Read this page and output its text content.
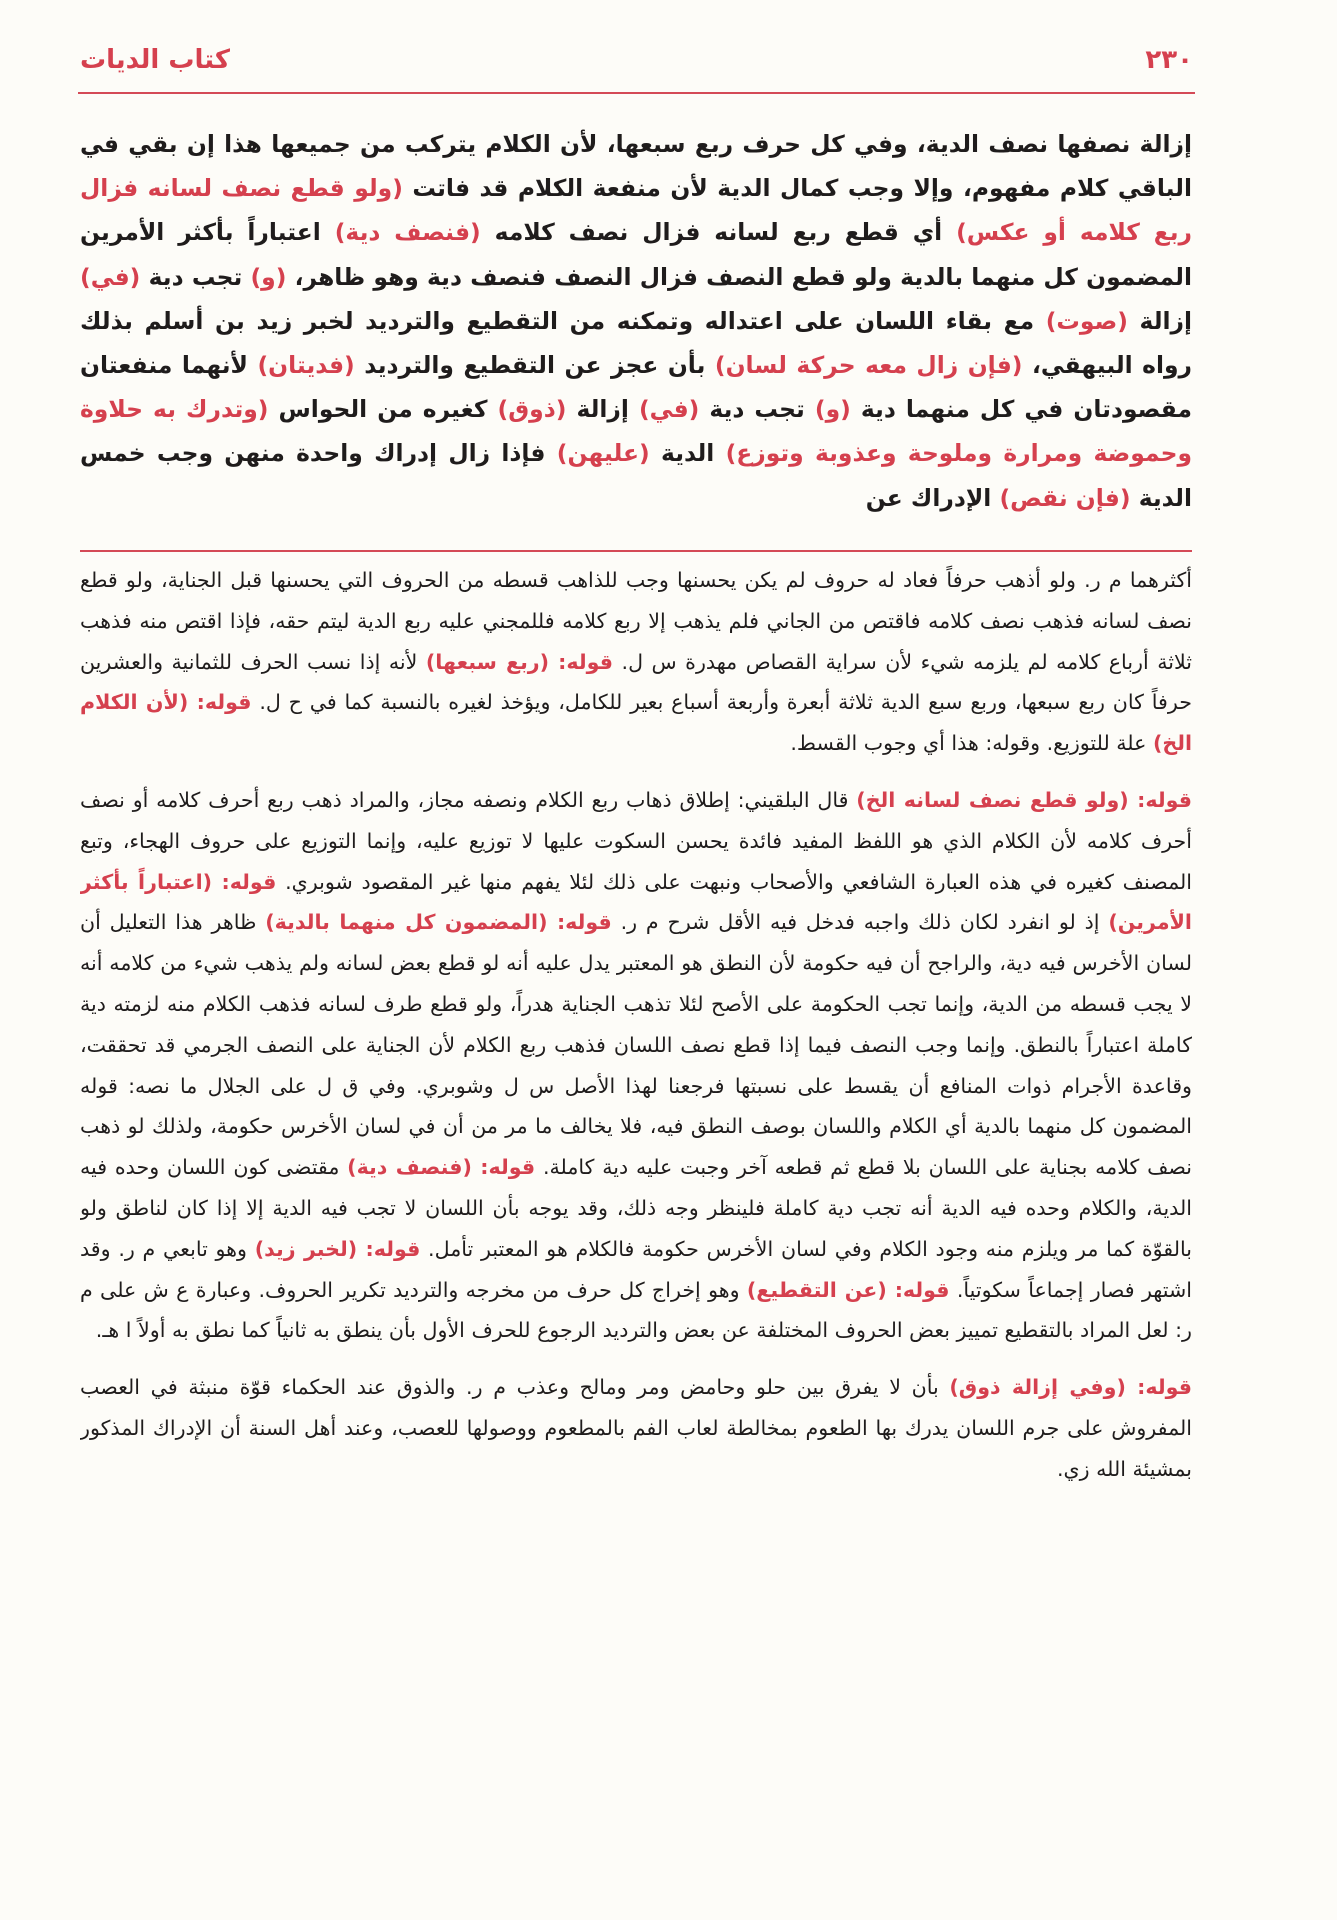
كتاب الديات	٢٣٠
إزالة نصفها نصف الدية، وفي كل حرف ربع سبعها، لأن الكلام يتركب من جميعها هذا إن بقي في الباقي كلام مفهوم، وإلا وجب كمال الدية لأن منفعة الكلام قد فاتت (ولو قطع نصف لسانه فزال ربع كلامه أو عكس) أي قطع ربع لسانه فزال نصف كلامه (فنصف دية) اعتباراً بأكثر الأمرين المضمون كل منهما بالدية ولو قطع النصف فزال النصف فنصف دية وهو ظاهر، (و) تجب دية (في) إزالة (صوت) مع بقاء اللسان على اعتداله وتمكنه من التقطيع والترديد لخبر زيد بن أسلم بذلك رواه البيهقي، (فإن زال معه حركة لسان) بأن عجز عن التقطيع والترديد (فديتان) لأنهما منفعتان مقصودتان في كل منهما دية (و) تجب دية (في) إزالة (ذوق) كغيره من الحواس (وتدرك به حلاوة وحموضة ومرارة وملوحة وعذوبة وتوزع) الدية (عليهن) فإذا زال إدراك واحدة منهن وجب خمس الدية (فإن نقص) الإدراك عن

أكثرهما م ر. ولو أذهب حرفاً فعاد له حروف لم يكن يحسنها وجب للذاهب قسطه من الحروف التي يحسنها قبل الجناية، ولو قطع نصف لسانه فذهب نصف كلامه فاقتص من الجاني فلم يذهب إلا ربع كلامه فللمجني عليه ربع الدية ليتم حقه، فإذا اقتص منه فذهب ثلاثة أرباع كلامه لم يلزمه شيء لأن سراية القصاص مهدرة س ل. قوله: (ربع سبعها) لأنه إذا نسب الحرف للثمانية والعشرين حرفاً كان ربع سبعها، وربع سبع الدية ثلاثة أبعرة وأربعة أسباع بعير للكامل، ويؤخذ لغيره بالنسبة كما في ح ل. قوله: (لأن الكلام الخ) علة للتوزيع. وقوله: هذا أي وجوب القسط.

قوله: (ولو قطع نصف لسانه الخ) قال البلقيني: إطلاق ذهاب ربع الكلام ونصفه مجاز، والمراد ذهب ربع أحرف كلامه أو نصف أحرف كلامه لأن الكلام الذي هو اللفظ المفيد فائدة يحسن السكوت عليها لا توزيع عليه، وإنما التوزيع على حروف الهجاء، وتبع المصنف كغيره في هذه العبارة الشافعي والأصحاب ونبهت على ذلك لئلا يفهم منها غير المقصود شوبري. قوله: (اعتباراً بأكثر الأمرين) إذ لو انفرد لكان ذلك واجبه فدخل فيه الأقل شرح م ر. قوله: (المضمون كل منهما بالدية) ظاهر هذا التعليل أن لسان الأخرس فيه دية، والراجح أن فيه حكومة لأن النطق هو المعتبر يدل عليه أنه لو قطع بعض لسانه ولم يذهب شيء من كلامه أنه لا يجب قسطه من الدية، وإنما تجب الحكومة على الأصح لئلا تذهب الجناية هدراً، ولو قطع طرف لسانه فذهب الكلام منه لزمته دية كاملة اعتباراً بالنطق. وإنما وجب النصف فيما إذا قطع نصف اللسان فذهب ربع الكلام لأن الجناية على النصف الجرمي قد تحققت، وقاعدة الأجرام ذوات المنافع أن يقسط على نسبتها فرجعنا لهذا الأصل س ل وشوبري. وفي ق ل على الجلال ما نصه: قوله المضمون كل منهما بالدية أي الكلام واللسان بوصف النطق فيه، فلا يخالف ما مر من أن في لسان الأخرس حكومة، ولذلك لو ذهب نصف كلامه بجناية على اللسان بلا قطع ثم قطعه آخر وجبت عليه دية كاملة. قوله: (فنصف دية) مقتضى كون اللسان وحده فيه الدية، والكلام وحده فيه الدية أنه تجب دية كاملة فلينظر وجه ذلك، وقد يوجه بأن اللسان لا تجب فيه الدية إلا إذا كان لناطق ولو بالقوّة كما مر ويلزم منه وجود الكلام وفي لسان الأخرس حكومة فالكلام هو المعتبر تأمل. قوله: (لخبر زيد) وهو تابعي م ر. وقد اشتهر فصار إجماعاً سكوتياً. قوله: (عن التقطيع) وهو إخراج كل حرف من مخرجه والترديد تكرير الحروف. وعبارة ع ش على م ر: لعل المراد بالتقطيع تمييز بعض الحروف المختلفة عن بعض والترديد الرجوع للحرف الأول بأن ينطق به ثانياً كما نطق به أولاً ا هـ.

قوله: (وفي إزالة ذوق) بأن لا يفرق بين حلو وحامض ومر ومالح وعذب م ر. والذوق عند الحكماء قوّة منبثة في العصب المفروش على جرم اللسان يدرك بها الطعوم بمخالطة لعاب الفم بالمطعوم ووصولها للعصب، وعند أهل السنة أن الإدراك المذكور بمشيئة الله زي.
